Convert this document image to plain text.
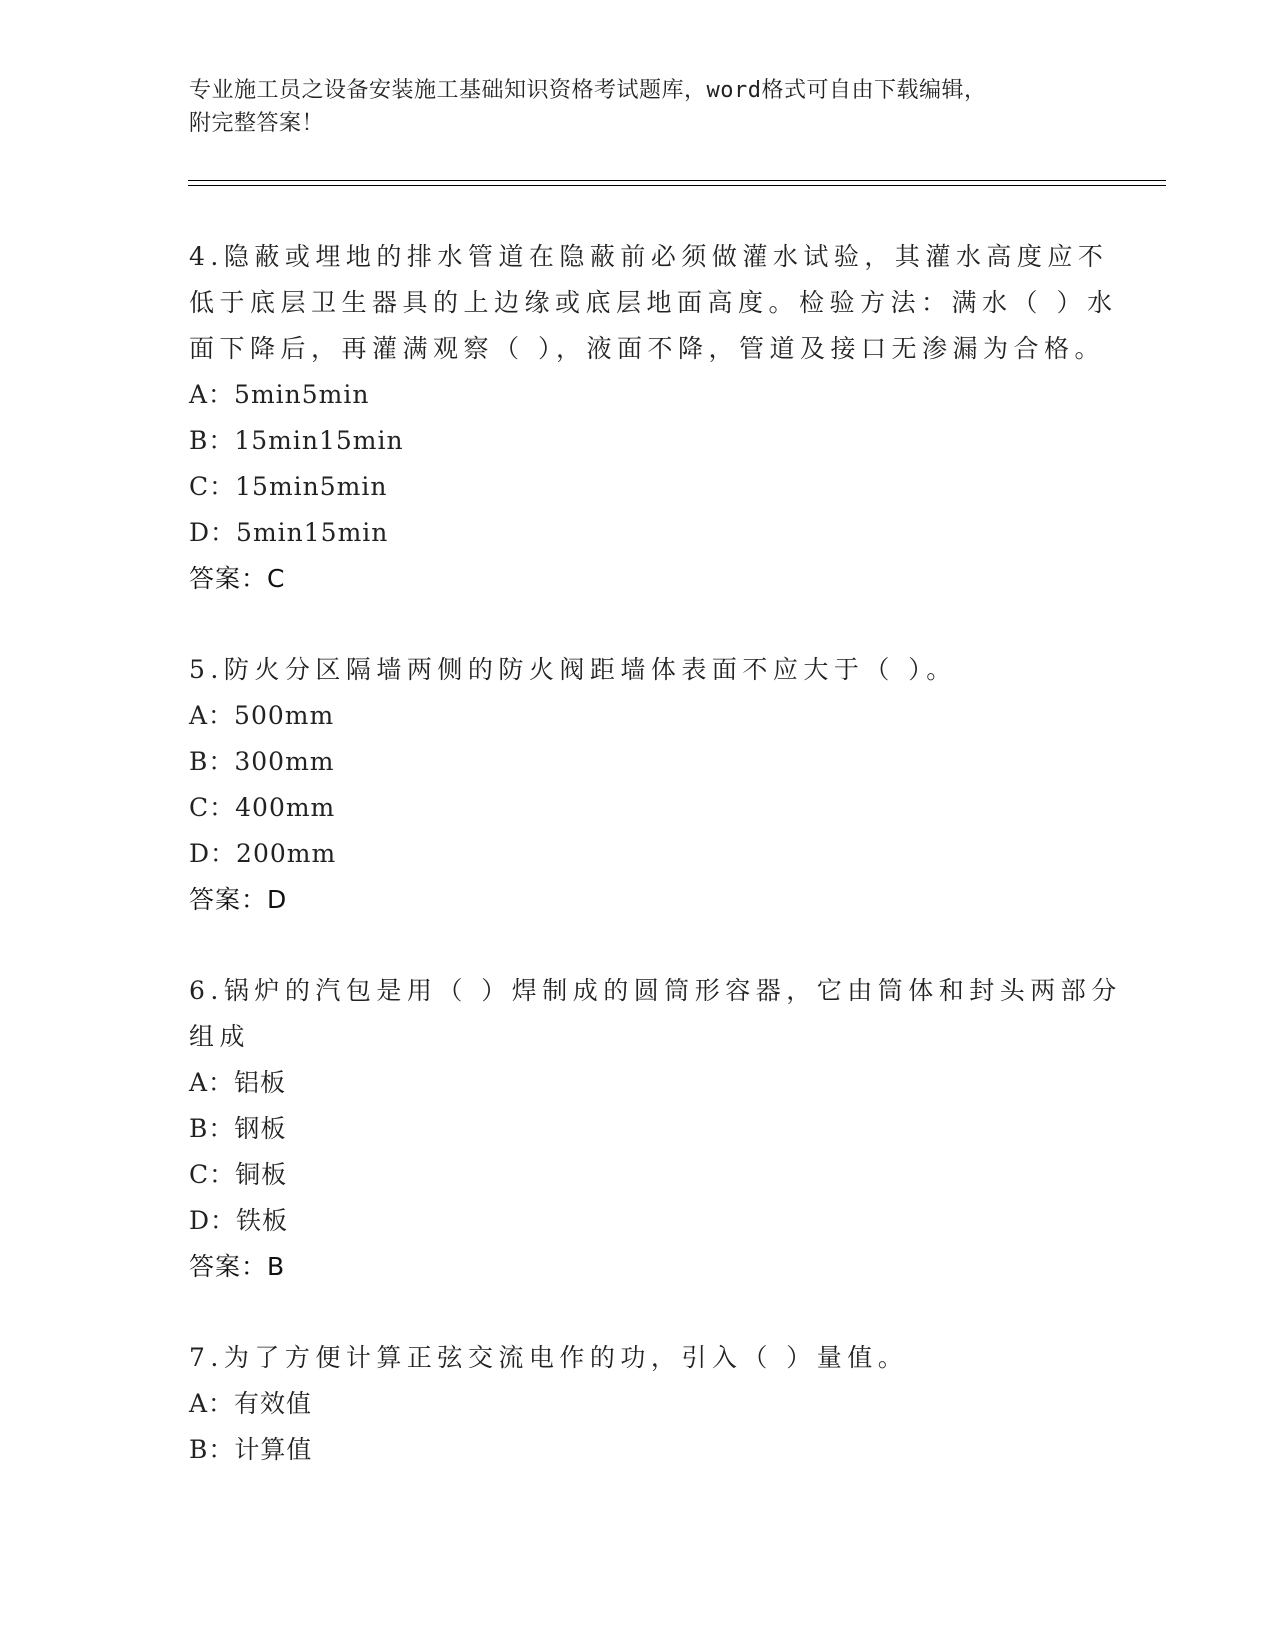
专业施工员之设备安装施工基础知识资格考试题库，word格式可自由下载编辑，
附完整答案！
4.隐蔽或埋地的排水管道在隐蔽前必须做灌水试验，其灌水高度应不
低于底层卫生器具的上边缘或底层地面高度。检验方法：满水（ ）水
面下降后，再灌满观察（ ），液面不降，管道及接口无渗漏为合格。
A：5min5min
B：15min15min
C：15min5min
D：5min15min
答案：C
5.防火分区隔墙两侧的防火阀距墙体表面不应大于（ ）。
A：500mm
B：300mm
C：400mm
D：200mm
答案：D
6.锅炉的汽包是用（ ）焊制成的圆筒形容器，它由筒体和封头两部分
组成
A：铝板
B：钢板
C：铜板
D：铁板
答案：B
7.为了方便计算正弦交流电作的功，引入（ ）量值。
A：有效值
B：计算值
